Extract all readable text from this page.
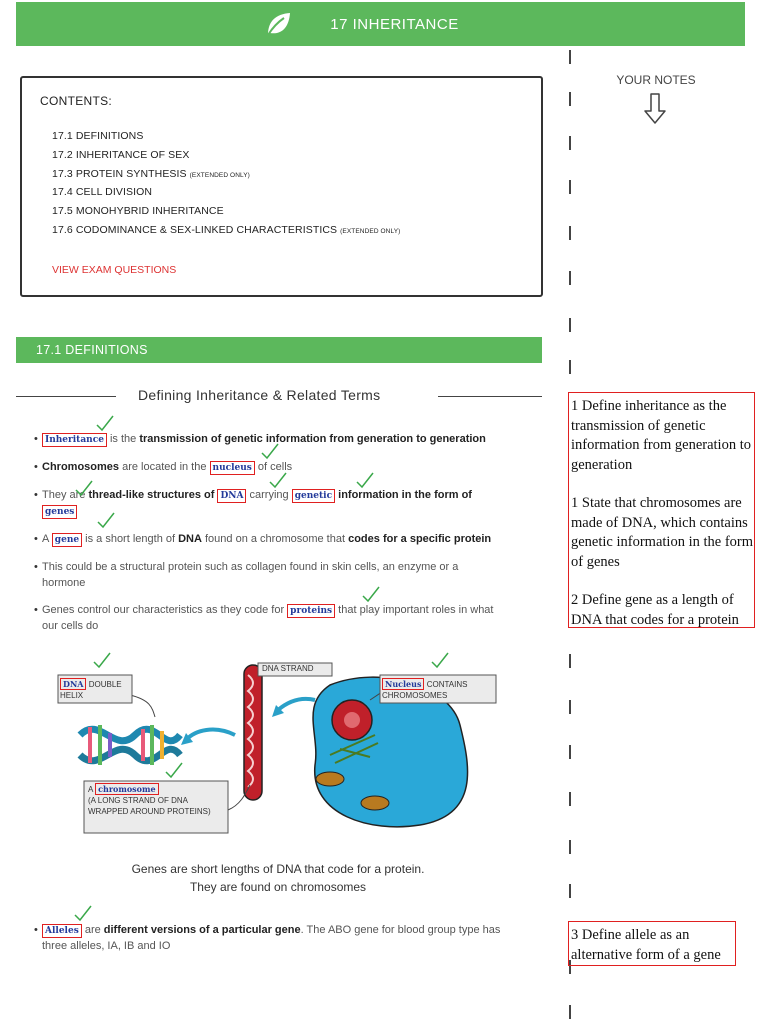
17 INHERITANCE
YOUR NOTES
CONTENTS:
17.1 DEFINITIONS
17.2 INHERITANCE OF SEX
17.3 PROTEIN SYNTHESIS (EXTENDED ONLY)
17.4 CELL DIVISION
17.5 MONOHYBRID INHERITANCE
17.6 CODOMINANCE & SEX-LINKED CHARACTERISTICS (EXTENDED ONLY)
VIEW EXAM QUESTIONS
17.1 DEFINITIONS
Defining Inheritance & Related Terms
• Inheritance is the transmission of genetic information from generation to generation
• Chromosomes are located in the nucleus of cells
• They are thread-like structures of DNA carrying genetic information in the form of
genes
• A gene is a short length of DNA found on a chromosome that codes for a specific protein
• This could be a structural protein such as collagen found in skin cells, an enzyme or a hormone
• Genes control our characteristics as they code for proteins that play important roles in what our cells do
DNA DOUBLE HELIX
DNA STRAND
Nucleus CONTAINS CHROMOSOMES
A chromosome
(A LONG STRAND OF DNA WRAPPED AROUND PROTEINS)
Genes are short lengths of DNA that code for a protein.
They are found on chromosomes
• Alleles are different versions of a particular gene. The ABO gene for blood group type has three alleles, IA, IB and IO

1 Define inheritance as the transmission of genetic information from generation to generation

1 State that chromosomes are made of DNA, which contains genetic information in the form of genes

2 Define gene as a length of DNA that codes for a protein

3 Define allele as an alternative form of a gene
